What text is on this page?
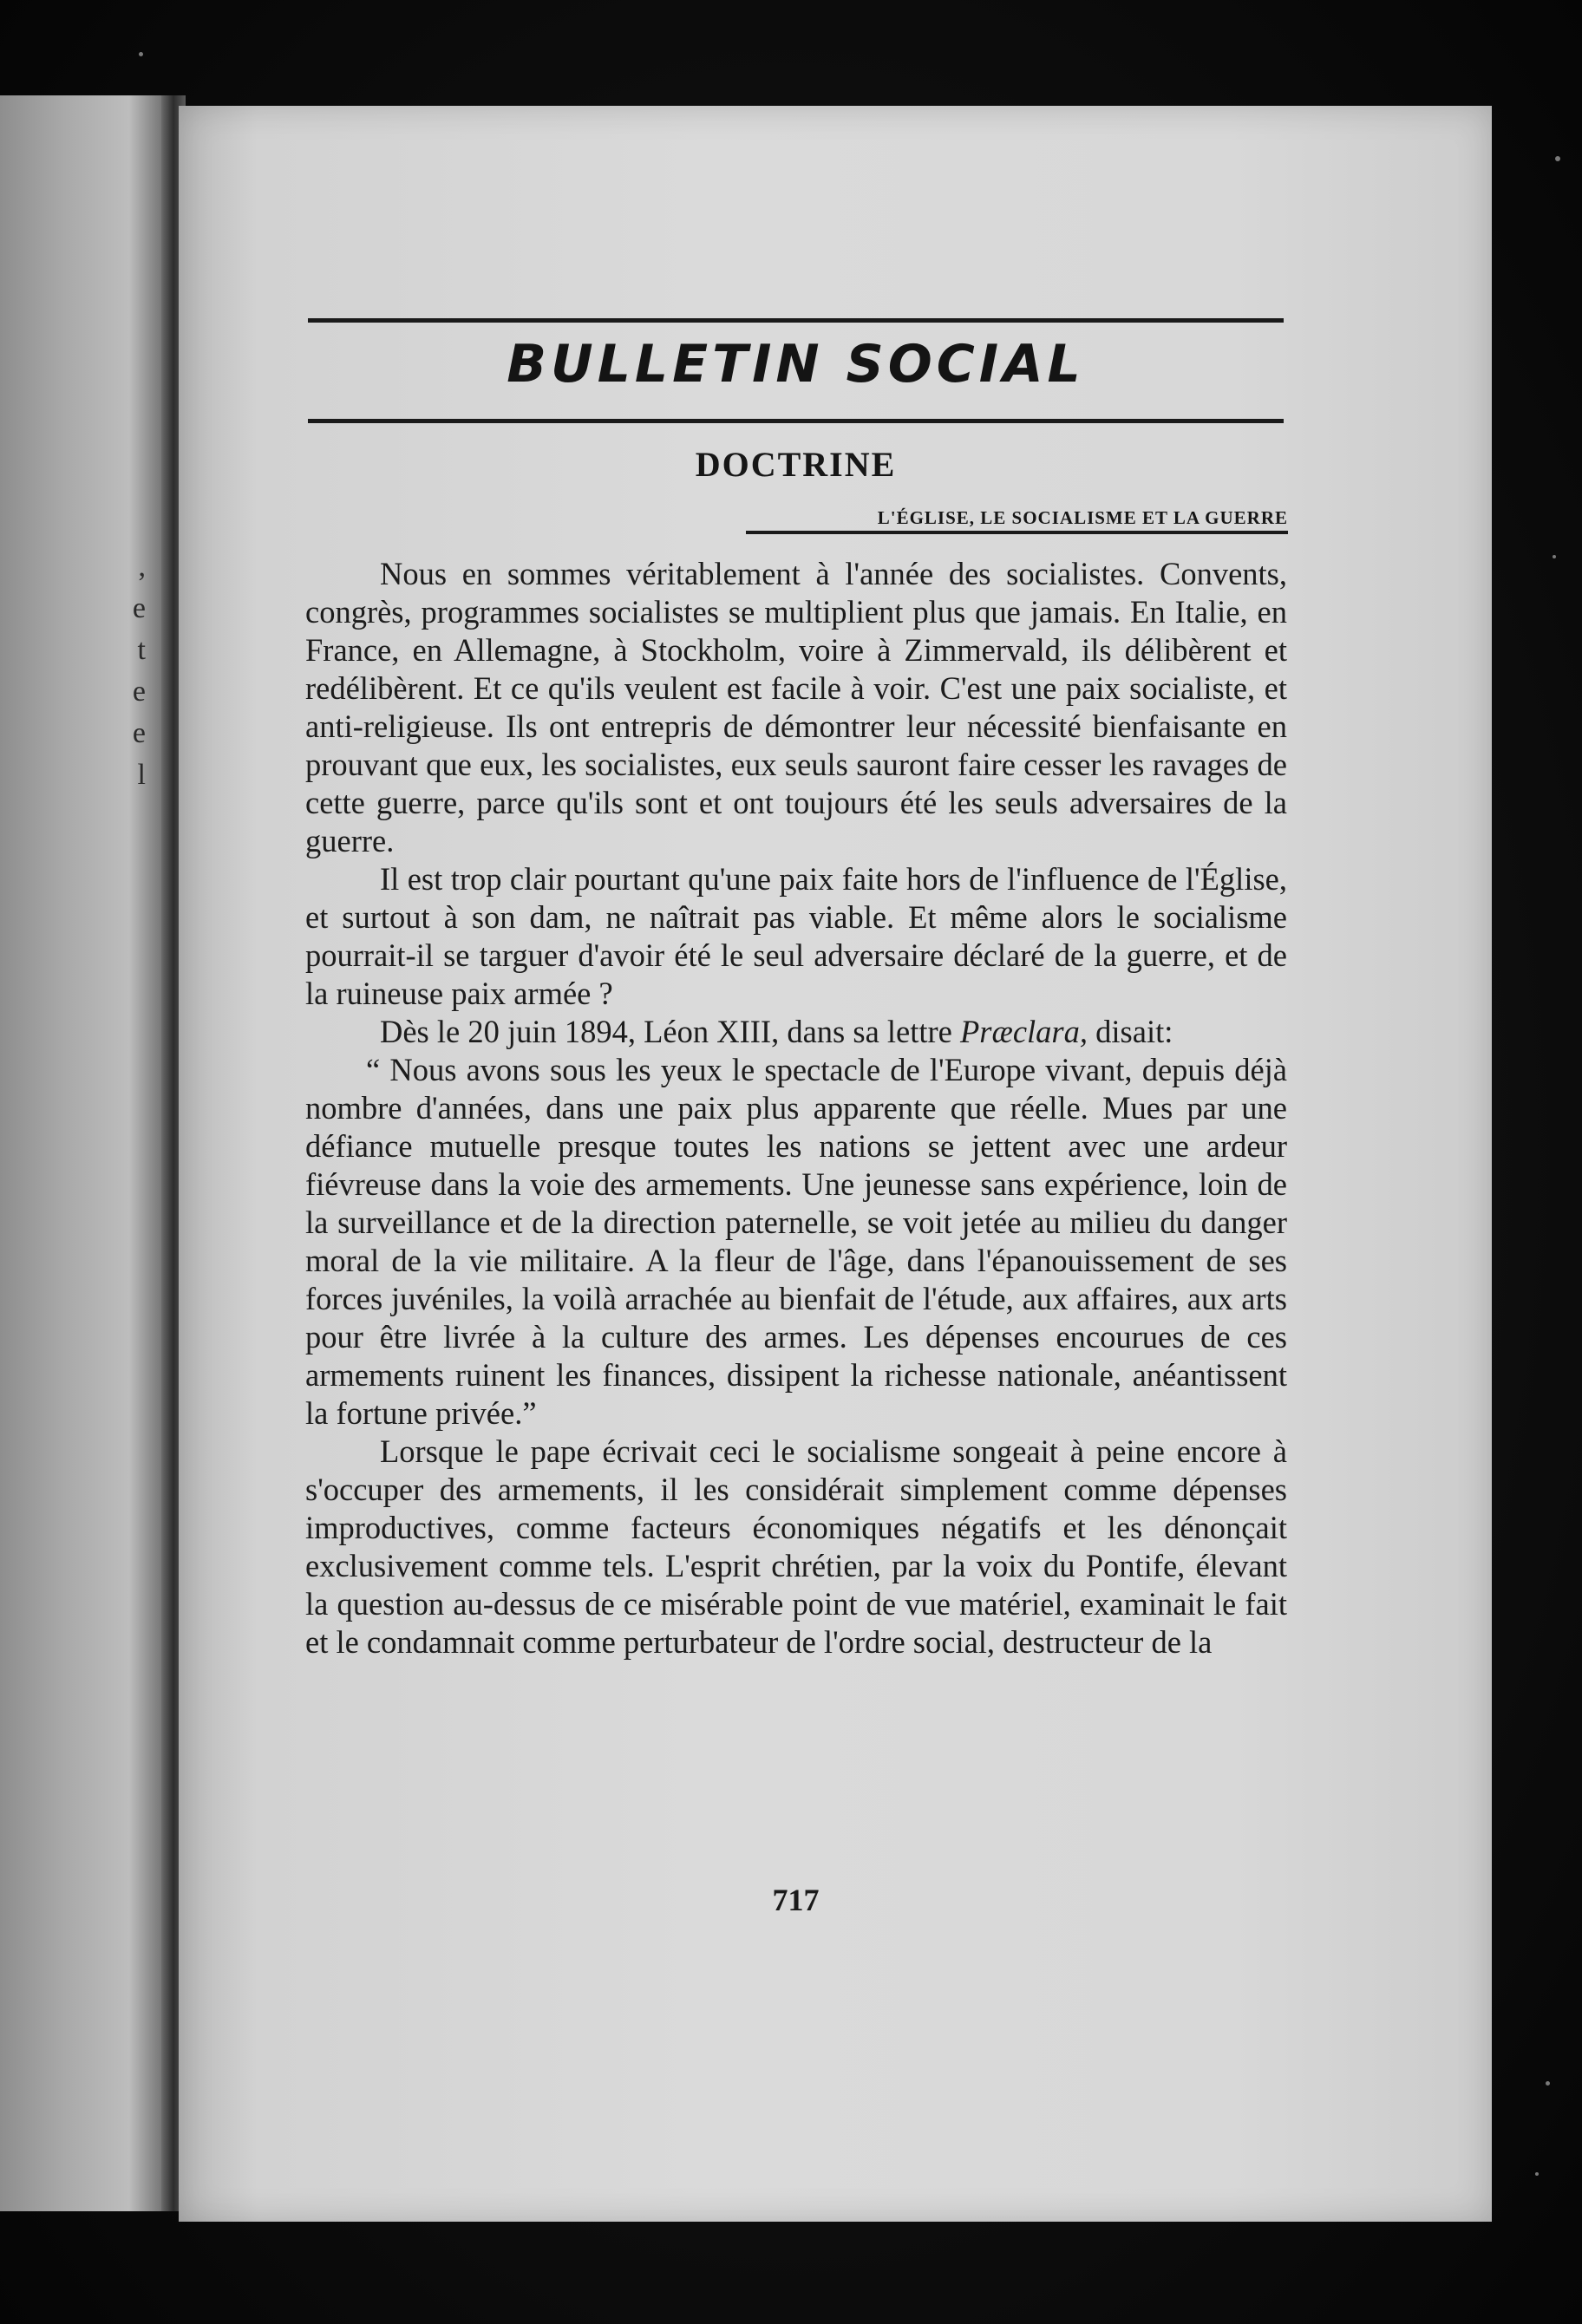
,
e
t
e
e
l
BULLETIN SOCIAL
DOCTRINE
L'ÉGLISE, LE SOCIALISME ET LA GUERRE

Nous en sommes véritablement à l'année des socialistes. Convents, congrès, programmes socialistes se multiplient plus que jamais. En Italie, en France, en Allemagne, à Stockholm, voire à Zimmervald, ils délibèrent et redélibèrent. Et ce qu'ils veulent est facile à voir. C'est une paix socialiste, et anti-religieuse. Ils ont entrepris de démontrer leur nécessité bienfaisante en prouvant que eux, les socialistes, eux seuls sauront faire cesser les ravages de cette guerre, parce qu'ils sont et ont toujours été les seuls adversaires de la guerre.

Il est trop clair pourtant qu'une paix faite hors de l'influence de l'Église, et surtout à son dam, ne naîtrait pas viable. Et même alors le socialisme pourrait-il se targuer d'avoir été le seul adversaire déclaré de la guerre, et de la ruineuse paix armée ?

Dès le 20 juin 1894, Léon XIII, dans sa lettre Præclara, disait:

“ Nous avons sous les yeux le spectacle de l'Europe vivant, depuis déjà nombre d'années, dans une paix plus apparente que réelle. Mues par une défiance mutuelle presque toutes les nations se jettent avec une ardeur fiévreuse dans la voie des armements. Une jeunesse sans expérience, loin de la surveillance et de la direction paternelle, se voit jetée au milieu du danger moral de la vie militaire. A la fleur de l'âge, dans l'épanouissement de ses forces juvéniles, la voilà arrachée au bienfait de l'étude, aux affaires, aux arts pour être livrée à la culture des armes. Les dépenses encourues de ces armements ruinent les finances, dissipent la richesse nationale, anéantissent la fortune privée.”

Lorsque le pape écrivait ceci le socialisme songeait à peine encore à s'occuper des armements, il les considérait simplement comme dépenses improductives, comme facteurs économiques négatifs et les dénonçait exclusivement comme tels. L'esprit chrétien, par la voix du Pontife, élevant la question au-dessus de ce misérable point de vue matériel, examinait le fait et le condamnait comme perturbateur de l'ordre social, destructeur de la

717
